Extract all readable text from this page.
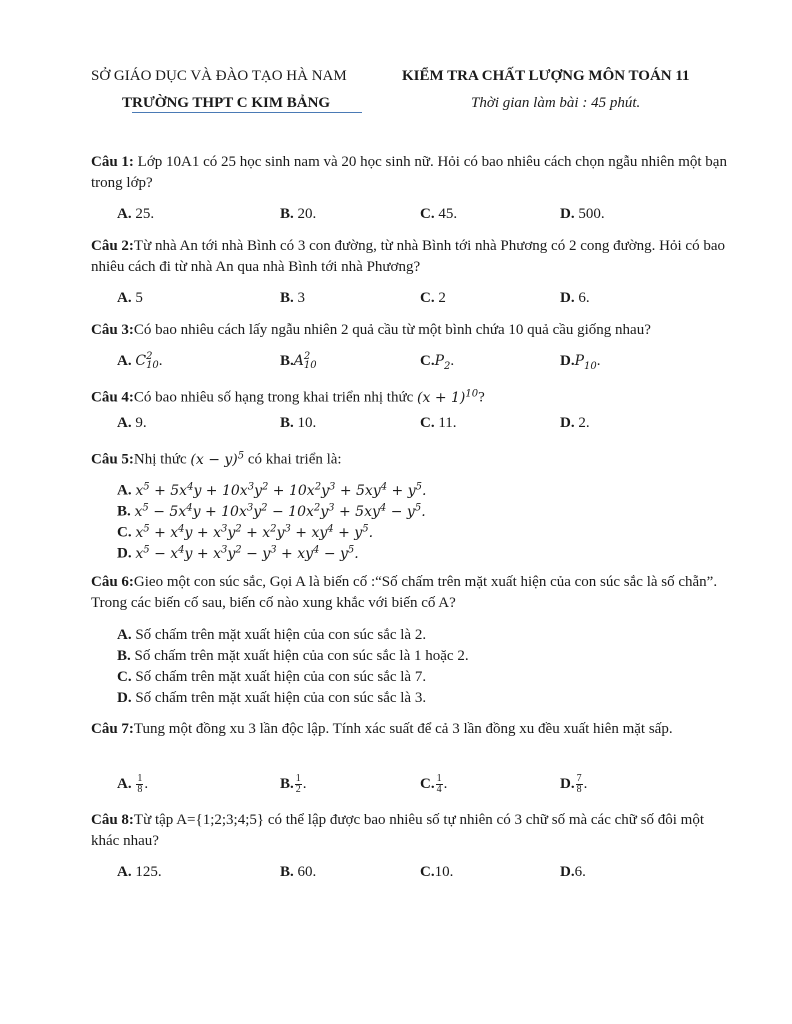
SỞ GIÁO DỤC VÀ ĐÀO TẠO HÀ NAM	KIỂM TRA CHẤT LƯỢNG MÔN TOÁN 11
TRƯỜNG THPT C KIM BẢNG	Thời gian làm bài : 45 phút.
Câu 1: Lớp 10A1 có 25 học sinh nam và 20 học sinh nữ. Hỏi có bao nhiêu cách chọn ngẫu nhiên một bạn trong lớp?
A. 25.	B. 20.	C. 45.	D. 500.
Câu 2:Từ nhà An tới nhà Bình có 3 con đường, từ nhà Bình tới nhà Phương có 2 cong đường. Hỏi có bao nhiêu cách đi từ nhà An qua nhà Bình tới nhà Phương?
A. 5	B. 3	C. 2	D. 6.
Câu 3:Có bao nhiêu cách lấy ngẫu nhiên 2 quả cầu từ một bình chứa 10 quả cầu giống nhau?
A. C 2
10 .	B.A 2
10	$C.P_2$.	$D.P_{10}$.
Câu 4:Có bao nhiêu số hạng trong khai triển nhị thức $(x + 1)^{10}$?
A. 9.	B. 10.	C. 11.	D. 2.
Câu 5:Nhị thức $(x - y)^5$ có khai triển là:
A. $x^5 + 5x^4y + 10x^3y^2 + 10x^2y^3 + 5xy^4 + y^5$.
B. $x^5 - 5x^4y + 10x^3y^2 - 10x^2y^3 + 5xy^4 - y^5$.
C. $x^5 + x^4y + x^3y^2 + x^2y^3 + xy^4 + y^5$.
D. $x^5 - x^4y + x^3y^2 - y^3 + xy^4 - y^5$.
Câu 6:Gieo một con súc sắc, Gọi A là biến cố :“Số chấm trên mặt xuất hiện của con súc sắc là số chẵn”. Trong các biến cố sau, biến cố nào xung khắc với biến cố A?
A. Số chấm trên mặt xuất hiện của con súc sắc là 2.
B. Số chấm trên mặt xuất hiện của con súc sắc là 1 hoặc 2.
C. Số chấm trên mặt xuất hiện của con súc sắc là 7.
D. Số chấm trên mặt xuất hiện của con súc sắc là 3.
Câu 7:Tung một đồng xu 3 lần độc lập. Tính xác suất để cả 3 lần đồng xu đều xuất hiên mặt sấp.
A. $\frac{1}{8}$ .	B. $\frac{1}{2}$ .	C. $\frac{1}{4}$ .	D. $\frac{7}{8}$ .
Câu 8:Từ tập A={1;2;3;4;5} có thể lập được bao nhiêu số tự nhiên có 3 chữ số mà các chữ số đôi một khác nhau?
A. 125.	B. 60.	C.10.	D.6.
